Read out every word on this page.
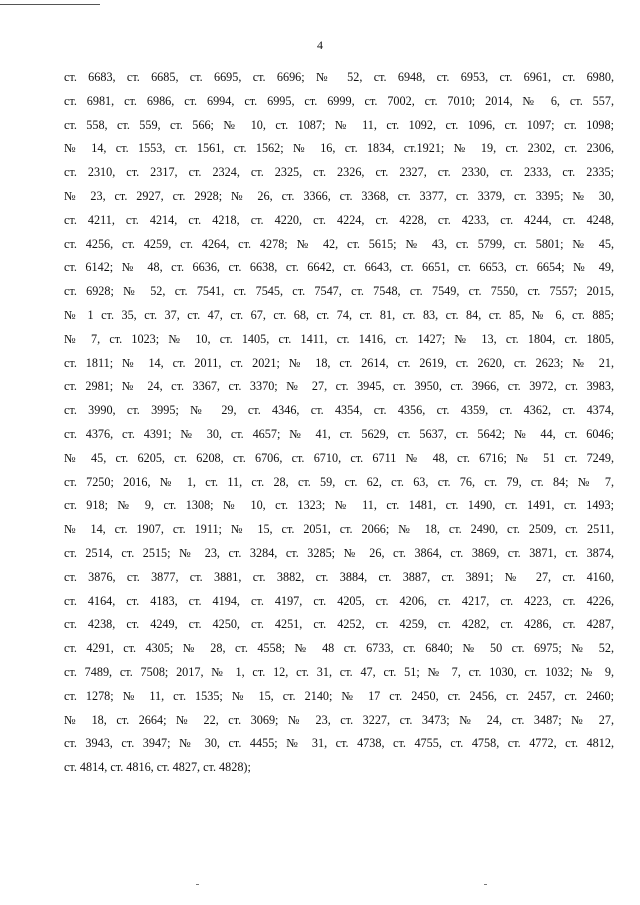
4
ст. 6683, ст. 6685, ст. 6695, ст. 6696; № 52, ст. 6948, ст. 6953, ст. 6961, ст. 6980,
ст. 6981, ст. 6986, ст. 6994, ст. 6995, ст. 6999, ст. 7002, ст. 7010; 2014, № 6, ст. 557,
ст. 558, ст. 559, ст. 566; № 10, ст. 1087; № 11, ст. 1092, ст. 1096, ст. 1097; ст. 1098;
№ 14, ст. 1553, ст. 1561, ст. 1562; № 16, ст. 1834, ст.1921; № 19, ст. 2302, ст. 2306,
ст. 2310, ст. 2317, ст. 2324, ст. 2325, ст. 2326, ст. 2327, ст. 2330, ст. 2333, ст. 2335;
№ 23, ст. 2927, ст. 2928; № 26, ст. 3366, ст. 3368, ст. 3377, ст. 3379, ст. 3395; № 30,
ст. 4211, ст. 4214, ст. 4218, ст. 4220, ст. 4224, ст. 4228, ст. 4233, ст. 4244, ст. 4248,
ст. 4256, ст. 4259, ст. 4264, ст. 4278; № 42, ст. 5615; № 43, ст. 5799, ст. 5801; № 45,
ст. 6142; № 48, ст. 6636, ст. 6638, ст. 6642, ст. 6643, ст. 6651, ст. 6653, ст. 6654; № 49,
ст. 6928; № 52, ст. 7541, ст. 7545, ст. 7547, ст. 7548, ст. 7549, ст. 7550, ст. 7557; 2015,
№ 1 ст. 35, ст. 37, ст. 47, ст. 67, ст. 68, ст. 74, ст. 81, ст. 83, ст. 84, ст. 85, № 6, ст. 885;
№ 7, ст. 1023; № 10, ст. 1405, ст. 1411, ст. 1416, ст. 1427; № 13, ст. 1804, ст. 1805,
ст. 1811; № 14, ст. 2011, ст. 2021; № 18, ст. 2614, ст. 2619, ст. 2620, ст. 2623; № 21,
ст. 2981; № 24, ст. 3367, ст. 3370; № 27, ст. 3945, ст. 3950, ст. 3966, ст. 3972, ст. 3983,
ст. 3990, ст. 3995; № 29, ст. 4346, ст. 4354, ст. 4356, ст. 4359, ст. 4362, ст. 4374,
ст. 4376, ст. 4391; № 30, ст. 4657; № 41, ст. 5629, ст. 5637, ст. 5642; № 44, ст. 6046;
№ 45, ст. 6205, ст. 6208, ст. 6706, ст. 6710, ст. 6711 № 48, ст. 6716; № 51 ст. 7249,
ст. 7250; 2016, № 1, ст. 11, ст. 28, ст. 59, ст. 62, ст. 63, ст. 76, ст. 79, ст. 84; № 7,
ст. 918; № 9, ст. 1308; № 10, ст. 1323; № 11, ст. 1481, ст. 1490, ст. 1491, ст. 1493;
№ 14, ст. 1907, ст. 1911; № 15, ст. 2051, ст. 2066; № 18, ст. 2490, ст. 2509, ст. 2511,
ст. 2514, ст. 2515; № 23, ст. 3284, ст. 3285; № 26, ст. 3864, ст. 3869, ст. 3871, ст. 3874,
ст. 3876, ст. 3877, ст. 3881, ст. 3882, ст. 3884, ст. 3887, ст. 3891; № 27, ст. 4160,
ст. 4164, ст. 4183, ст. 4194, ст. 4197, ст. 4205, ст. 4206, ст. 4217, ст. 4223, ст. 4226,
ст. 4238, ст. 4249, ст. 4250, ст. 4251, ст. 4252, ст. 4259, ст. 4282, ст. 4286, ст. 4287,
ст. 4291, ст. 4305; № 28, ст. 4558; № 48 ст. 6733, ст. 6840; № 50 ст. 6975; № 52,
ст. 7489, ст. 7508; 2017, № 1, ст. 12, ст. 31, ст. 47, ст. 51; № 7, ст. 1030, ст. 1032; № 9,
ст. 1278; № 11, ст. 1535; № 15, ст. 2140; № 17 ст. 2450, ст. 2456, ст. 2457, ст. 2460;
№ 18, ст. 2664; № 22, ст. 3069; № 23, ст. 3227, ст. 3473; № 24, ст. 3487; № 27,
ст. 3943, ст. 3947; № 30, ст. 4455; № 31, ст. 4738, ст. 4755, ст. 4758, ст. 4772, ст. 4812,
ст. 4814, ст. 4816, ст. 4827, ст. 4828);
